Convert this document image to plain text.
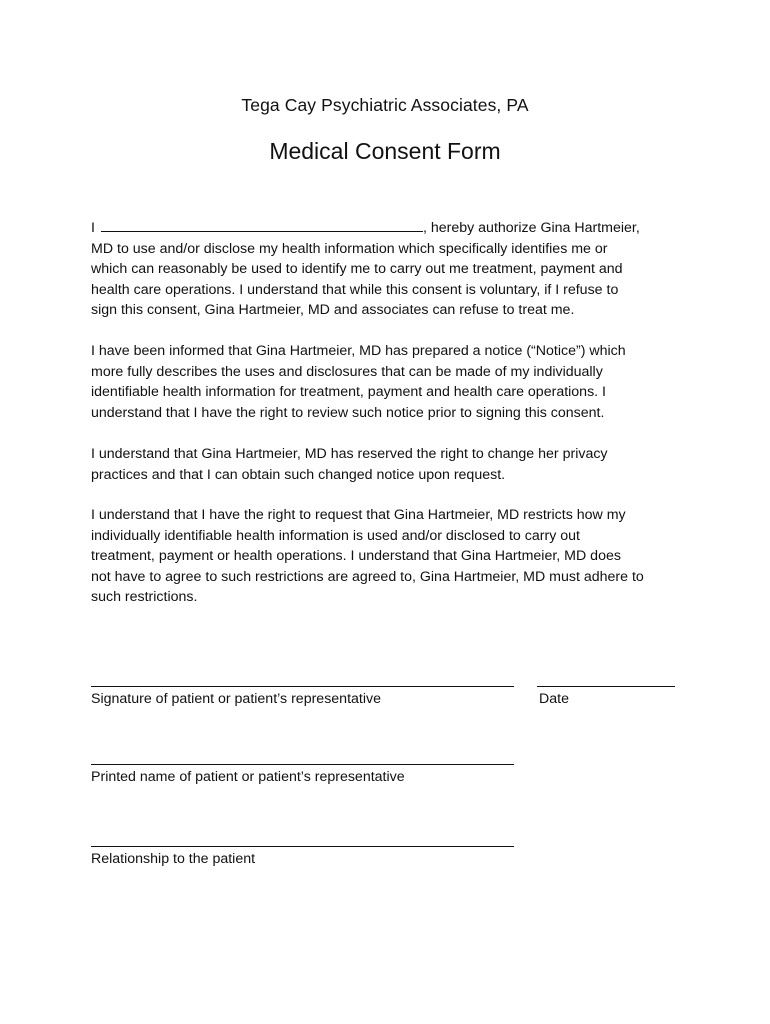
Tega Cay Psychiatric Associates, PA
Medical Consent Form
I	, hereby authorize Gina Hartmeier,
MD to use and/or disclose my health information which specifically identifies me or
which can reasonably be used to identify me to carry out me treatment, payment and
health care operations. I understand that while this consent is voluntary, if I refuse to
sign this consent, Gina Hartmeier, MD and associates can refuse to treat me.
I have been informed that Gina Hartmeier, MD has prepared a notice (“Notice”) which
more fully describes the uses and disclosures that can be made of my individually
identifiable health information for treatment, payment and health care operations. I
understand that I have the right to review such notice prior to signing this consent.
I understand that Gina Hartmeier, MD has reserved the right to change her privacy
practices and that I can obtain such changed notice upon request.
I understand that I have the right to request that Gina Hartmeier, MD restricts how my
individually identifiable health information is used and/or disclosed to carry out
treatment, payment or health operations. I understand that Gina Hartmeier, MD does
not have to agree to such restrictions are agreed to, Gina Hartmeier, MD must adhere to
such restrictions.
Signature of patient or patient’s representative	Date
Printed name of patient or patient’s representative
Relationship to the patient
